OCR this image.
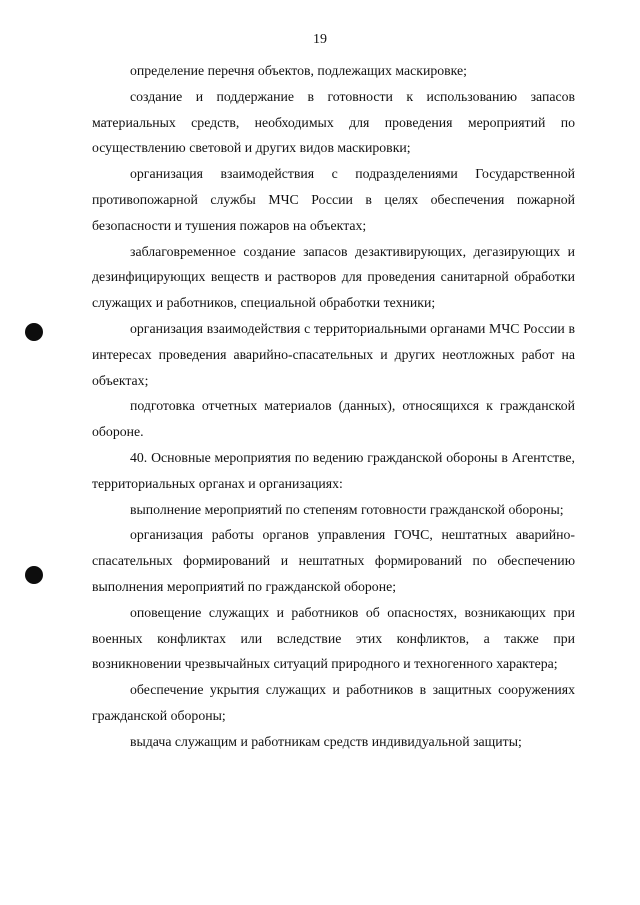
19

определение перечня объектов, подлежащих маскировке;

создание и поддержание в готовности к использованию запасов материальных средств, необходимых для проведения мероприятий по осуществлению световой и других видов маскировки;

организация взаимодействия с подразделениями Государственной противопожарной службы МЧС России в целях обеспечения пожарной безопасности и тушения пожаров на объектах;

заблаговременное создание запасов дезактивирующих, дегазирующих и дезинфицирующих веществ и растворов для проведения санитарной обработки служащих и работников, специальной обработки техники;

организация взаимодействия с территориальными органами МЧС России в интересах проведения аварийно-спасательных и других неотложных работ на объектах;

подготовка отчетных материалов (данных), относящихся к гражданской обороне.

40. Основные мероприятия по ведению гражданской обороны в Агентстве, территориальных органах и организациях:

выполнение мероприятий по степеням готовности гражданской обороны;

организация работы органов управления ГОЧС, нештатных аварийно-спасательных формирований и нештатных формирований по обеспечению выполнения мероприятий по гражданской обороне;

оповещение служащих и работников об опасностях, возникающих при военных конфликтах или вследствие этих конфликтов, а также при возникновении чрезвычайных ситуаций природного и техногенного характера;

обеспечение укрытия служащих и работников в защитных сооружениях гражданской обороны;

выдача служащим и работникам средств индивидуальной защиты;
